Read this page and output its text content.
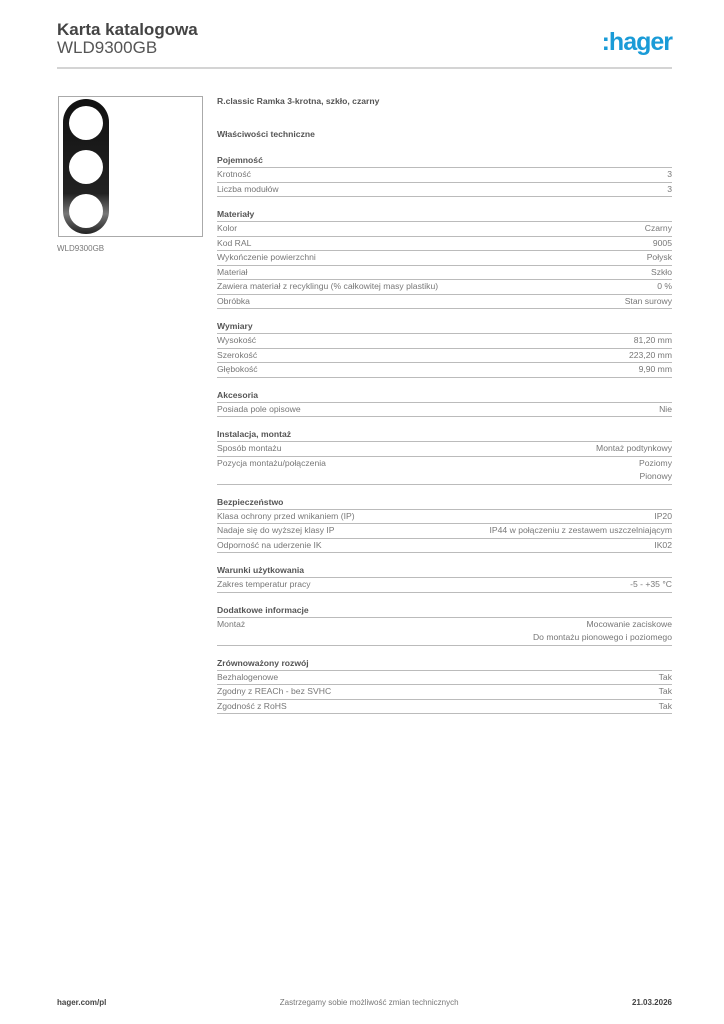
Karta katalogowa
WLD9300GB	:hager
WLD9300GB
R.classic Ramka 3-krotna, szkło, czarny
Właściwości techniczne
Pojemność
Krotność	3
Liczba modułów	3
Materiały
Kolor	Czarny
Kod RAL	9005
Wykończenie powierzchni	Połysk
Materiał	Szkło
Zawiera materiał z recyklingu (% całkowitej masy plastiku)	0 %
Obróbka	Stan surowy
Wymiary
Wysokość	81,20 mm
Szerokość	223,20 mm
Głębokość	9,90 mm
Akcesoria
Posiada pole opisowe	Nie
Instalacja, montaż
Sposób montażu	Montaż podtynkowy
Pozycja montażu/połączenia	Poziomy
Pionowy
Bezpieczeństwo
Klasa ochrony przed wnikaniem (IP)	IP20
Nadaje się do wyższej klasy IP	IP44 w połączeniu z zestawem uszczelniającym
Odporność na uderzenie IK	IK02
Warunki użytkowania
Zakres temperatur pracy	-5 - +35 °C
Dodatkowe informacje
Montaż	Mocowanie zaciskowe
Do montażu pionowego i poziomego
Zrównoważony rozwój
Bezhalogenowe	Tak
Zgodny z REACh - bez SVHC	Tak
Zgodność z RoHS	Tak
hager.com/pl	Zastrzegamy sobie możliwość zmian technicznych	21.03.2026
